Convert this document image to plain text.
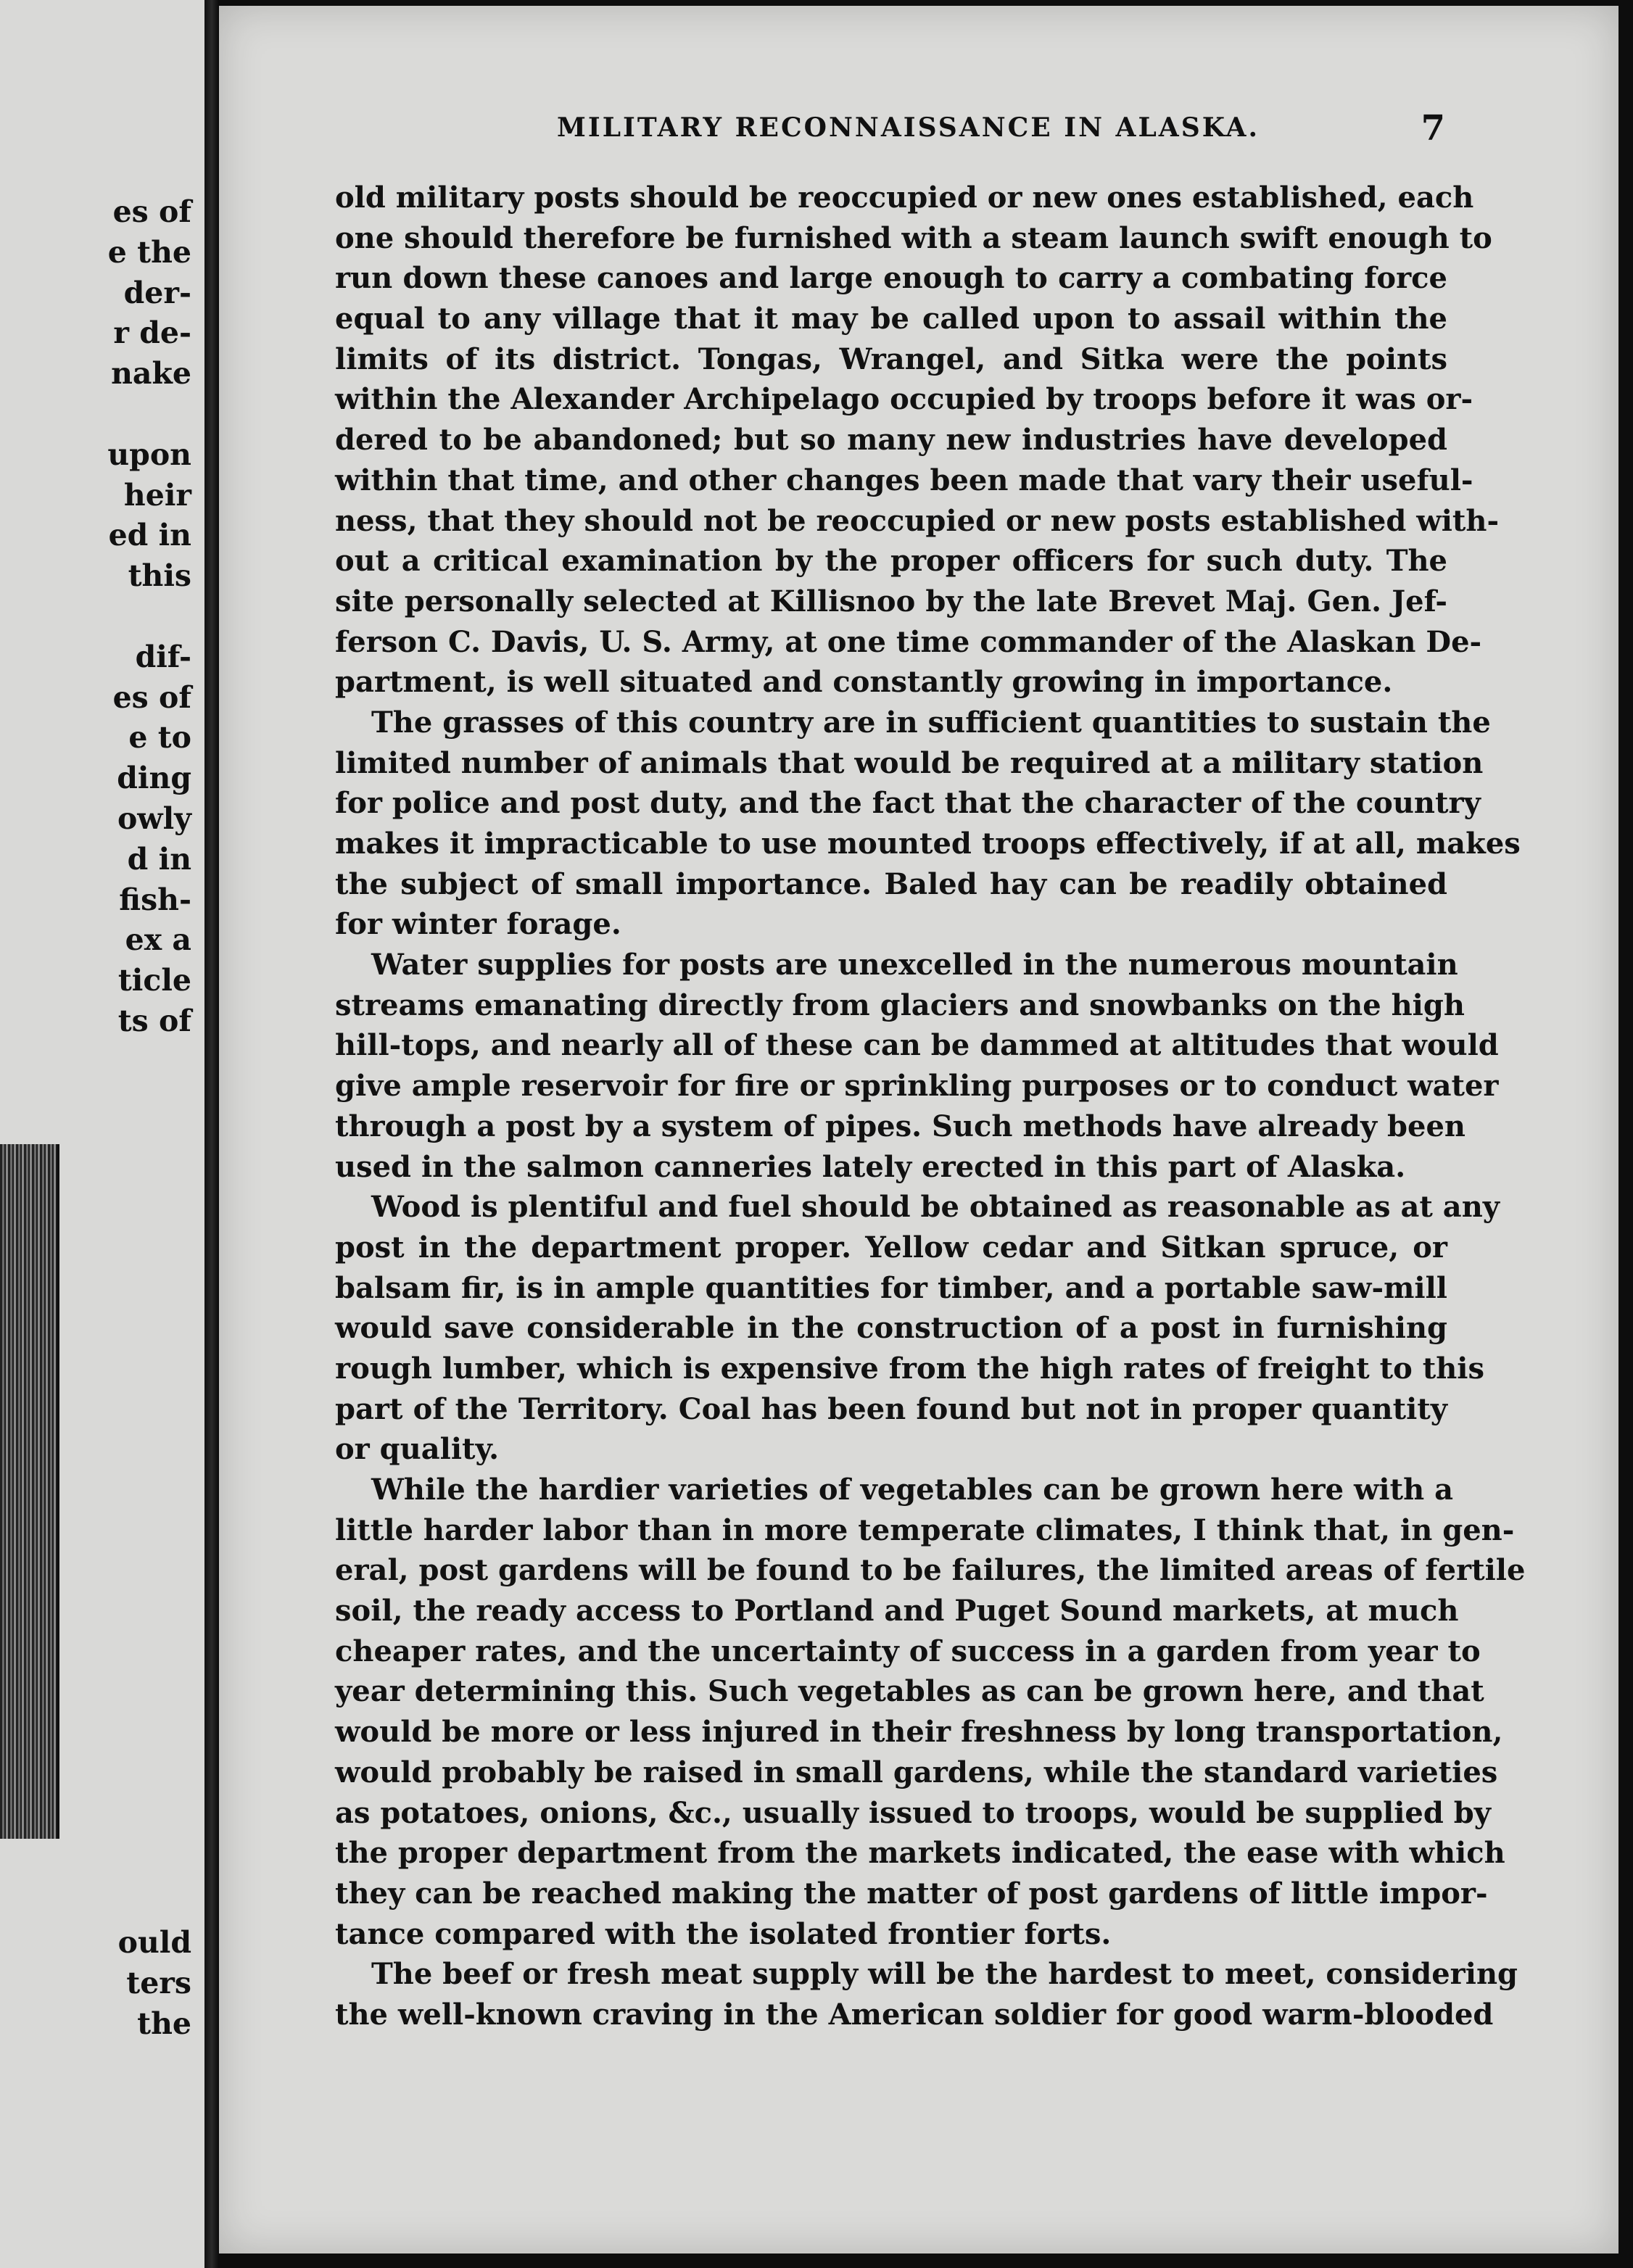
es of
e the
der-
r de-
nake
upon
heir
ed in
this
dif-
es of
e to
ding
owly
d in
fish-
ex a
ticle
ts of
ould
ters
the
MILITARY RECONNAISSANCE IN ALASKA.	7
old military posts should be reoccupied or new ones established, each
one should therefore be furnished with a steam launch swift enough to
run down these canoes and large enough to carry a combating force
equal to any village that it may be called upon to assail within the
limits of its district. Tongas, Wrangel, and Sitka were the points
within the Alexander Archipelago occupied by troops before it was or-
dered to be abandoned; but so many new industries have developed
within that time, and other changes been made that vary their useful-
ness, that they should not be reoccupied or new posts established with-
out a critical examination by the proper officers for such duty. The
site personally selected at Killisnoo by the late Brevet Maj. Gen. Jef-
ferson C. Davis, U. S. Army, at one time commander of the Alaskan De-
partment, is well situated and constantly growing in importance.
The grasses of this country are in sufficient quantities to sustain the
limited number of animals that would be required at a military station
for police and post duty, and the fact that the character of the country
makes it impracticable to use mounted troops effectively, if at all, makes
the subject of small importance. Baled hay can be readily obtained
for winter forage.
Water supplies for posts are unexcelled in the numerous mountain
streams emanating directly from glaciers and snowbanks on the high
hill-tops, and nearly all of these can be dammed at altitudes that would
give ample reservoir for fire or sprinkling purposes or to conduct water
through a post by a system of pipes. Such methods have already been
used in the salmon canneries lately erected in this part of Alaska.
Wood is plentiful and fuel should be obtained as reasonable as at any
post in the department proper. Yellow cedar and Sitkan spruce, or
balsam fir, is in ample quantities for timber, and a portable saw-mill
would save considerable in the construction of a post in furnishing
rough lumber, which is expensive from the high rates of freight to this
part of the Territory. Coal has been found but not in proper quantity
or quality.
While the hardier varieties of vegetables can be grown here with a
little harder labor than in more temperate climates, I think that, in gen-
eral, post gardens will be found to be failures, the limited areas of fertile
soil, the ready access to Portland and Puget Sound markets, at much
cheaper rates, and the uncertainty of success in a garden from year to
year determining this. Such vegetables as can be grown here, and that
would be more or less injured in their freshness by long transportation,
would probably be raised in small gardens, while the standard varieties
as potatoes, onions, &c., usually issued to troops, would be supplied by
the proper department from the markets indicated, the ease with which
they can be reached making the matter of post gardens of little impor-
tance compared with the isolated frontier forts.
The beef or fresh meat supply will be the hardest to meet, considering
the well-known craving in the American soldier for good warm-blooded
